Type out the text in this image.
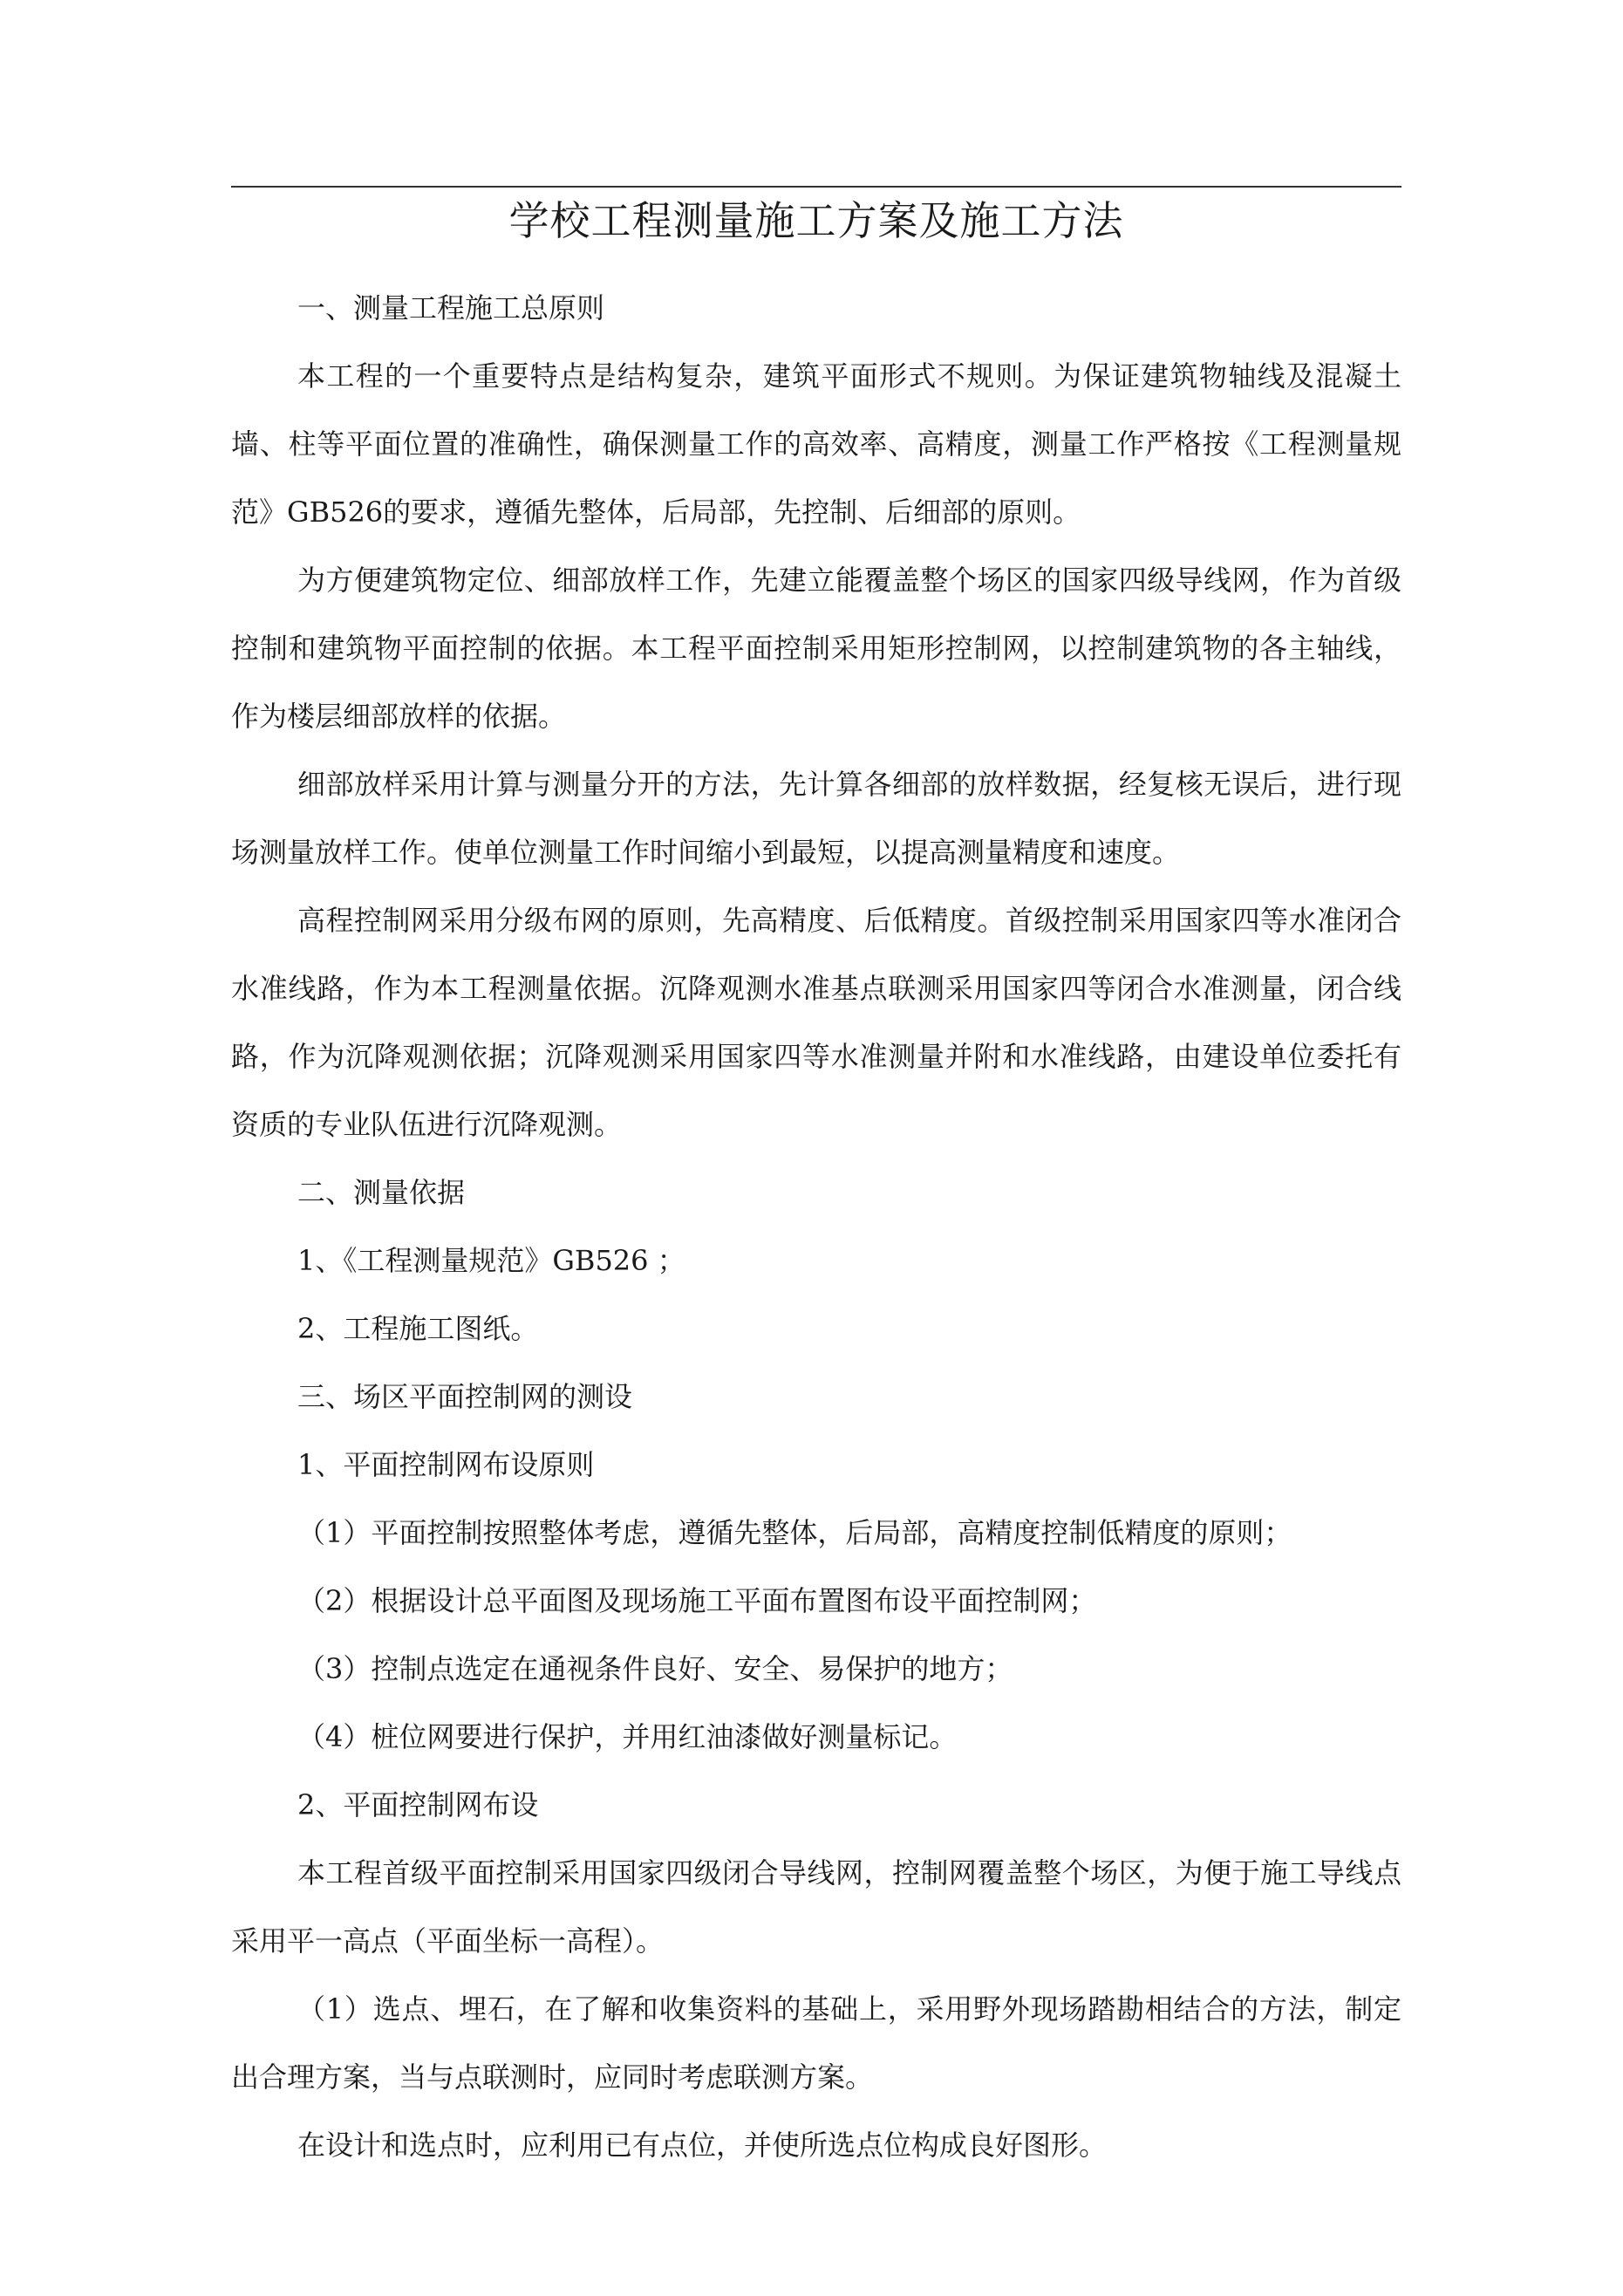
学校工程测量施工方案及施工方法

一、测量工程施工总原则

本工程的一个重要特点是结构复杂，建筑平面形式不规则。为保证建筑物轴线及混凝土墙、柱等平面位置的准确性，确保测量工作的高效率、高精度，测量工作严格按《工程测量规范》GB526的要求，遵循先整体，后局部，先控制、后细部的原则。

为方便建筑物定位、细部放样工作，先建立能覆盖整个场区的国家四级导线网，作为首级控制和建筑物平面控制的依据。本工程平面控制采用矩形控制网，以控制建筑物的各主轴线，作为楼层细部放样的依据。

细部放样采用计算与测量分开的方法，先计算各细部的放样数据，经复核无误后，进行现场测量放样工作。使单位测量工作时间缩小到最短，以提高测量精度和速度。

高程控制网采用分级布网的原则，先高精度、后低精度。首级控制采用国家四等水准闭合水准线路，作为本工程测量依据。沉降观测水准基点联测采用国家四等闭合水准测量，闭合线路，作为沉降观测依据；沉降观测采用国家四等水准测量并附和水准线路，由建设单位委托有资质的专业队伍进行沉降观测。

二、测量依据

1、《工程测量规范》GB526 ；

2、工程施工图纸。

三、场区平面控制网的测设

1、平面控制网布设原则

（1）平面控制按照整体考虑，遵循先整体，后局部，高精度控制低精度的原则；

（2）根据设计总平面图及现场施工平面布置图布设平面控制网；

（3）控制点选定在通视条件良好、安全、易保护的地方；

（4）桩位网要进行保护，并用红油漆做好测量标记。

2、平面控制网布设

本工程首级平面控制采用国家四级闭合导线网，控制网覆盖整个场区，为便于施工导线点采用平一高点（平面坐标一高程）。

（1）选点、埋石，在了解和收集资料的基础上，采用野外现场踏勘相结合的方法，制定出合理方案，当与点联测时，应同时考虑联测方案。

在设计和选点时，应利用已有点位，并使所选点位构成良好图形。
